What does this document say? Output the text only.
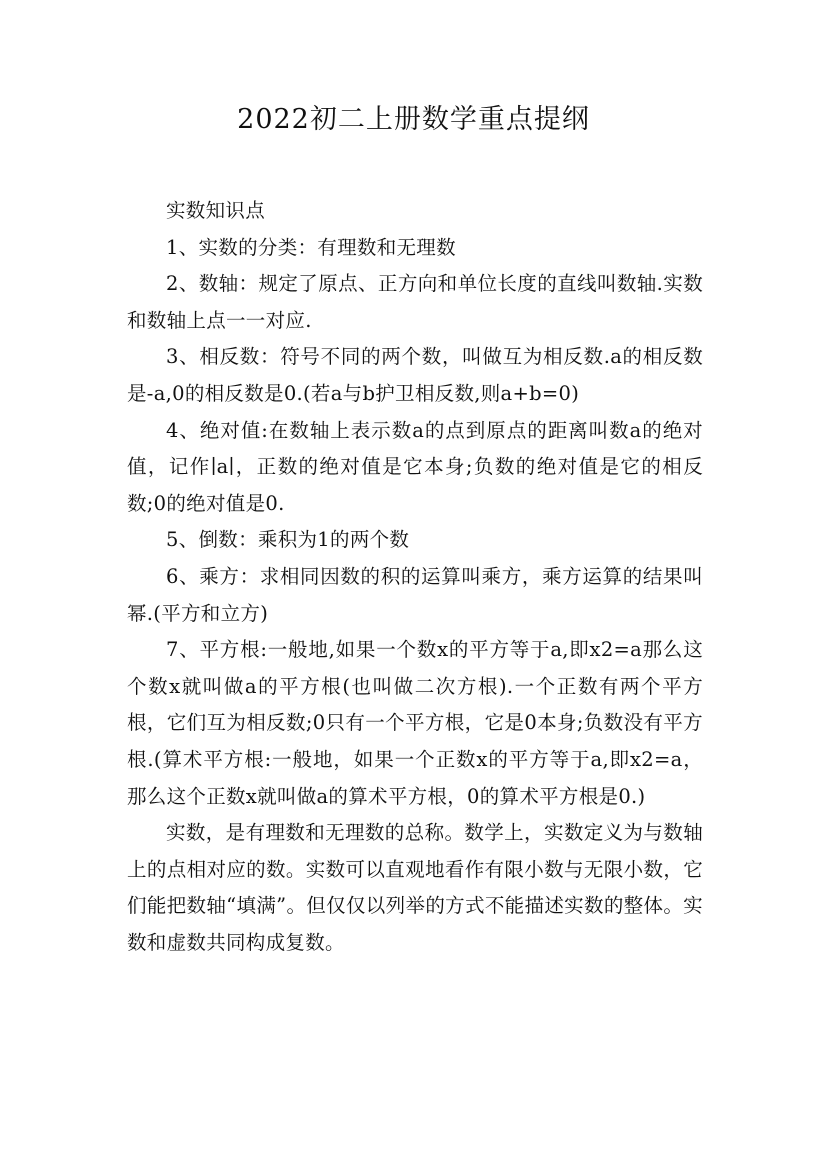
2022初二上册数学重点提纲

实数知识点

1、实数的分类：有理数和无理数

2、数轴：规定了原点、正方向和单位长度的直线叫数轴.实数和数轴上点一一对应.

3、相反数：符号不同的两个数，叫做互为相反数.a的相反数是-a,0的相反数是0.(若a与b护卫相反数,则a+b=0)

4、绝对值:在数轴上表示数a的点到原点的距离叫数a的绝对值，记作∣a∣，正数的绝对值是它本身;负数的绝对值是它的相反数;0的绝对值是0.

5、倒数：乘积为1的两个数

6、乘方：求相同因数的积的运算叫乘方，乘方运算的结果叫幂.(平方和立方)

7、平方根:一般地,如果一个数x的平方等于a,即x2=a那么这个数x就叫做a的平方根(也叫做二次方根).一个正数有两个平方根，它们互为相反数;0只有一个平方根，它是0本身;负数没有平方根.(算术平方根:一般地，如果一个正数x的平方等于a,即x2=a，那么这个正数x就叫做a的算术平方根，0的算术平方根是0.)

实数，是有理数和无理数的总称。数学上，实数定义为与数轴上的点相对应的数。实数可以直观地看作有限小数与无限小数，它们能把数轴“填满”。但仅仅以列举的方式不能描述实数的整体。实数和虚数共同构成复数。
